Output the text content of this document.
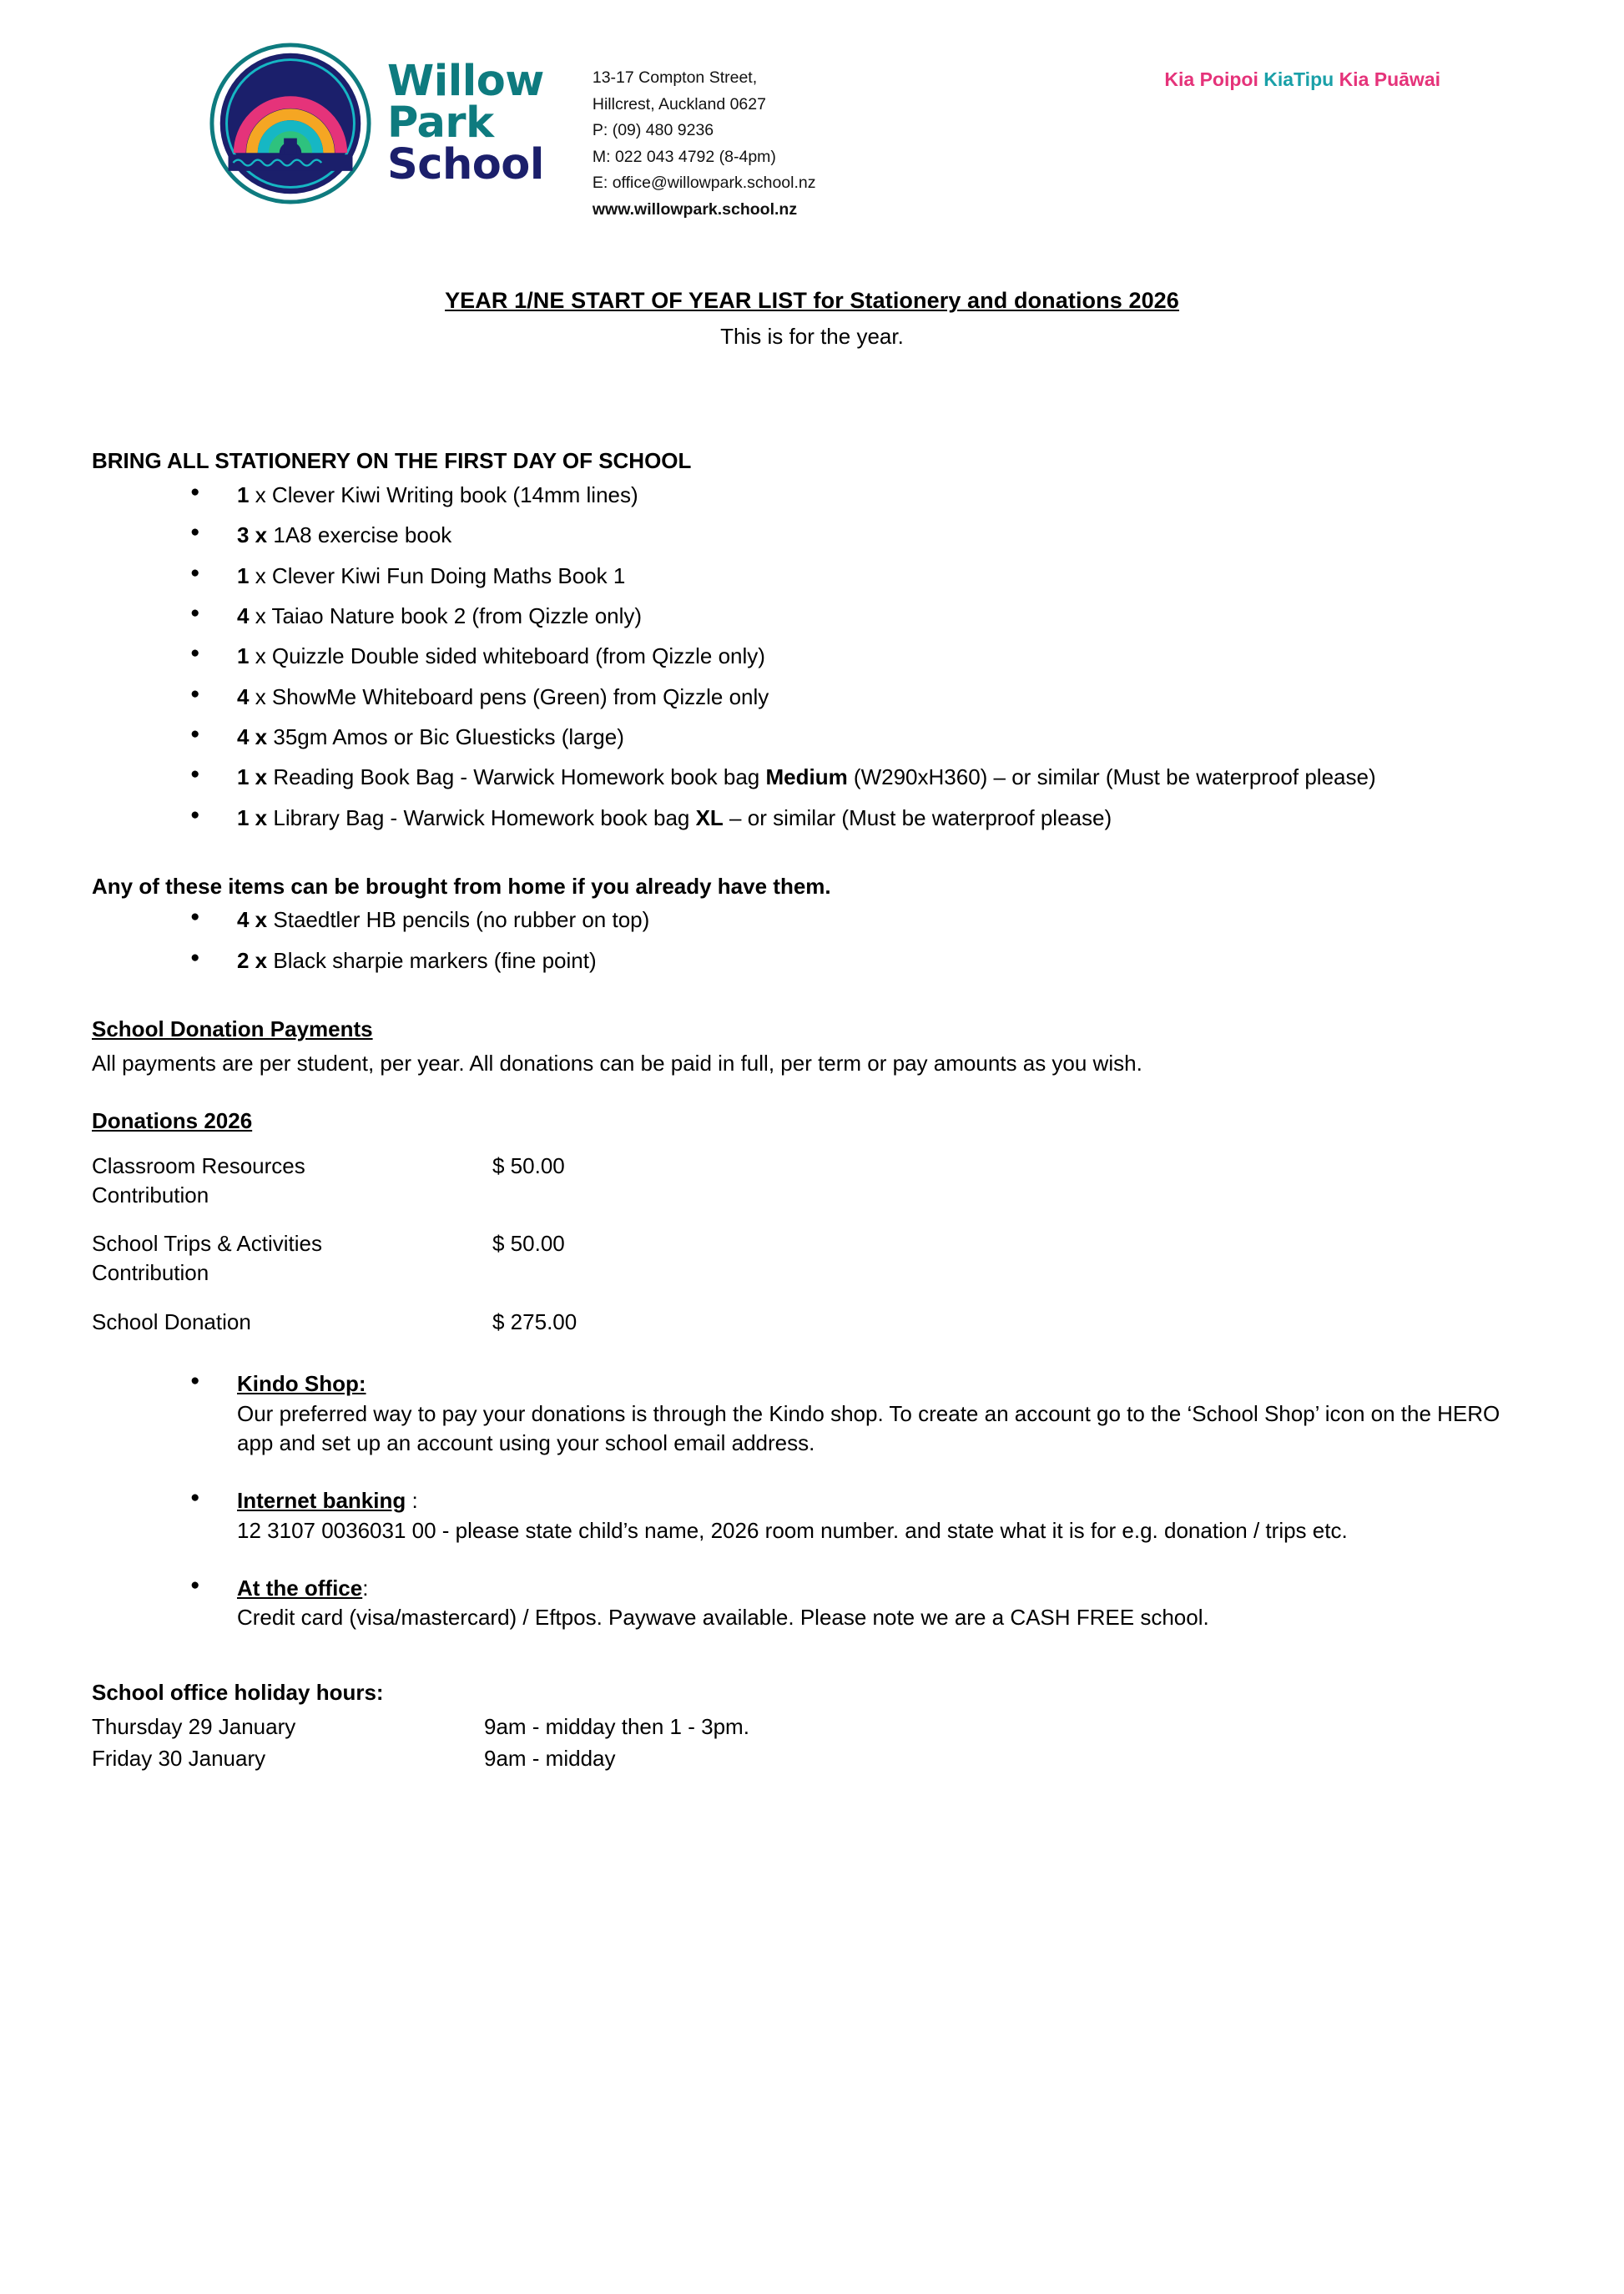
Willow
Park
School
13-17 Compton Street,
Hillcrest, Auckland 0627
P: (09) 480 9236
M: 022 043 4792 (8-4pm)
E: office@willowpark.school.nz
www.willowpark.school.nz
Kia Poipoi KiaTipu Kia Puāwai
YEAR 1/NE START OF YEAR LIST for Stationery and donations 2026
This is for the year.
BRING ALL STATIONERY ON THE FIRST DAY OF SCHOOL
● 1 x Clever Kiwi Writing book (14mm lines)
● 3 x 1A8 exercise book
● 1 x Clever Kiwi Fun Doing Maths Book 1
● 4 x Taiao Nature book 2 (from Qizzle only)
● 1 x Quizzle Double sided whiteboard (from Qizzle only)
● 4 x ShowMe Whiteboard pens (Green) from Qizzle only
● 4 x 35gm Amos or Bic Gluesticks (large)
● 1 x Reading Book Bag - Warwick Homework book bag Medium (W290xH360) – or similar (Must be waterproof please)
● 1 x Library Bag - Warwick Homework book bag XL – or similar (Must be waterproof please)
Any of these items can be brought from home if you already have them.
● 4 x Staedtler HB pencils (no rubber on top)
● 2 x Black sharpie markers (fine point)
School Donation Payments

All payments are per student, per year. All donations can be paid in full, per term or pay amounts as you wish.

Donations 2026
Classroom Resources Contribution	$ 50.00
School Trips & Activities Contribution	$ 50.00
School Donation	$ 275.00
● Kindo Shop:
Our preferred way to pay your donations is through the Kindo shop. To create an account go to the ‘School Shop’ icon on the HERO app and set up an account using your school email address.
● Internet banking :
12 3107 0036031 00 - please state child’s name, 2026 room number. and state what it is for e.g. donation / trips etc.
● At the office:
Credit card (visa/mastercard) / Eftpos. Paywave available. Please note we are a CASH FREE school.
School office holiday hours:
Thursday 29 January	9am - midday then 1 - 3pm.
Friday 30 January	9am - midday
